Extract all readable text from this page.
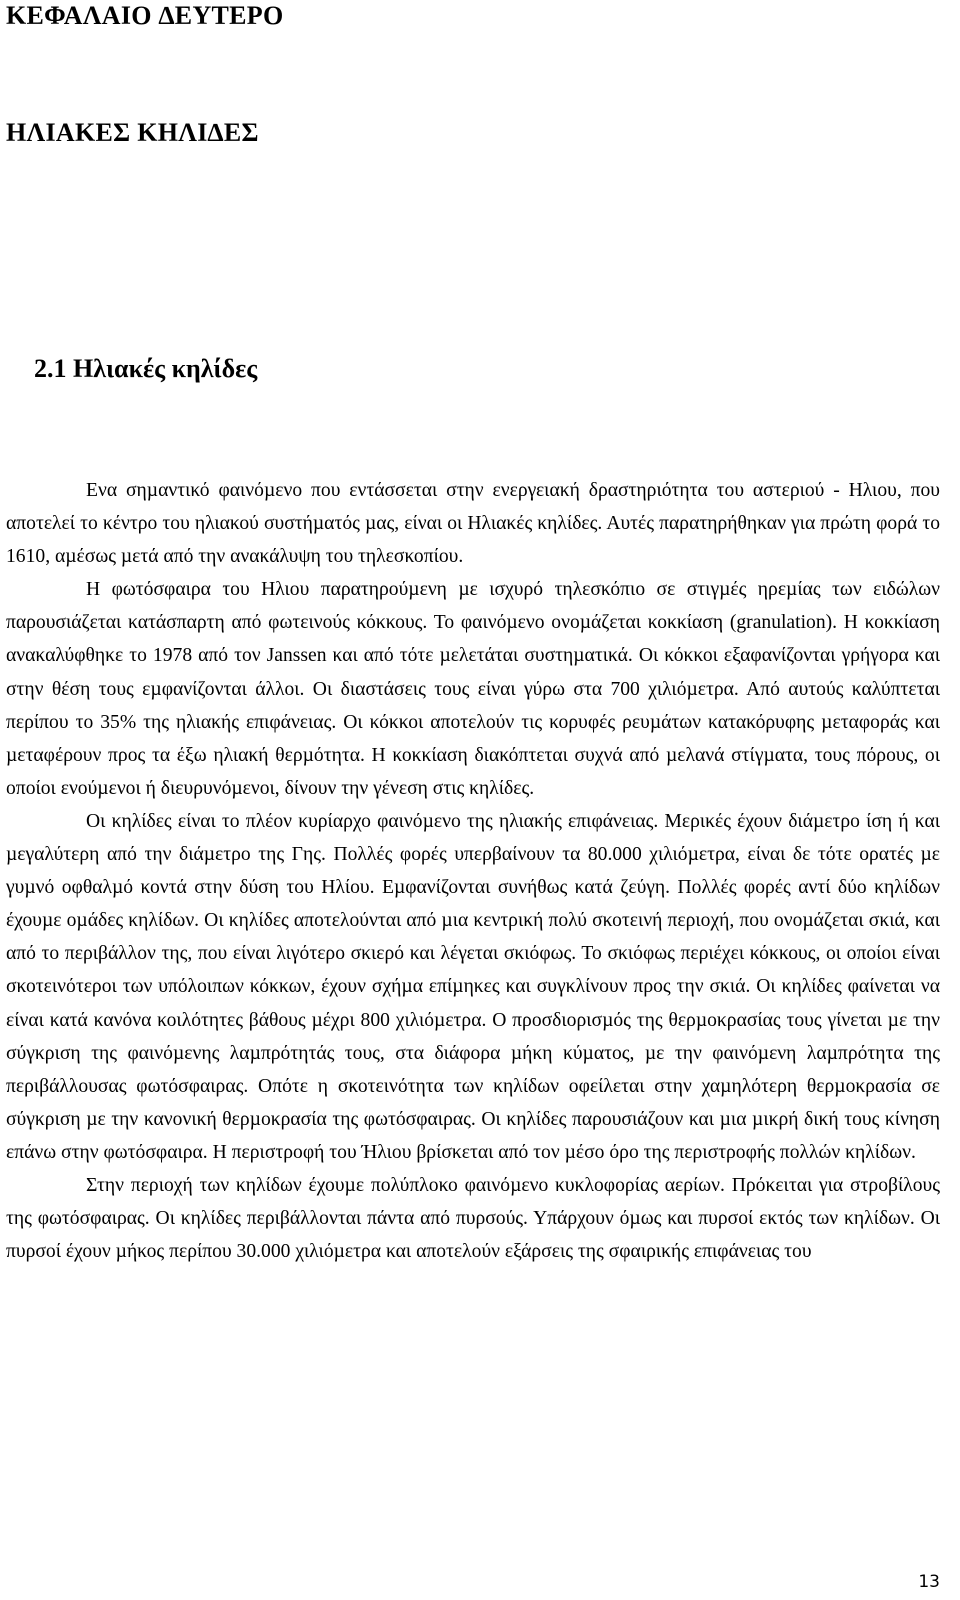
ΚΕΦΑΛΑΙΟ ∆ΕΥΤΕΡΟ
ΗΛΙΑΚΕΣ ΚΗΛΙ∆ΕΣ
2.1 Ηλιακές κηλίδες

Ενα σηµαντικό φαινόµενο που εντάσσεται στην ενεργειακή δραστηριότητα του αστεριού - Ηλιου, που αποτελεί το κέντρο του ηλιακού συστήµατός µας, είναι οι Ηλιακές κηλίδες. Αυτές παρατηρήθηκαν για πρώτη φορά το 1610, αµέσως µετά από την ανακάλυψη του τηλεσκοπίου.

Η φωτόσφαιρα του Ηλιου παρατηρούµενη µε ισχυρό τηλεσκόπιο σε στιγµές ηρεµίας των ειδώλων παρουσιάζεται κατάσπαρτη από φωτεινούς κόκκους. Το φαινόµενο ονοµάζεται κοκκίαση (granulation). Η κοκκίαση ανακαλύφθηκε το 1978 από τον Janssen και από τότε µελετάται συστηµατικά. Οι κόκκοι εξαφανίζονται γρήγορα και στην θέση τους εµφανίζονται άλλοι. Οι διαστάσεις τους είναι γύρω στα 700 χιλιόµετρα. Από αυτούς καλύπτεται περίπου το 35% της ηλιακής επιφάνειας. Οι κόκκοι αποτελούν τις κορυφές ρευµάτων κατακόρυφης µεταφοράς και µεταφέρουν προς τα έξω ηλιακή θερµότητα. Η κοκκίαση διακόπτεται συχνά από µελανά στίγµατα, τους πόρους, οι οποίοι ενούµενοι ή διευρυνόµενοι, δίνουν την γένεση στις κηλίδες.

Οι κηλίδες είναι το πλέον κυρίαρχο φαινόµενο της ηλιακής επιφάνειας. Μερικές έχουν διάµετρο ίση ή και µεγαλύτερη από την διάµετρο της Γης. Πολλές φορές υπερβαίνουν τα 80.000 χιλιόµετρα, είναι δε τότε ορατές µε γυµνό οφθαλµό κοντά στην δύση του Ηλίου. Εµφανίζονται συνήθως κατά ζεύγη. Πολλές φορές αντί δύο κηλίδων έχουµε οµάδες κηλίδων. Οι κηλίδες αποτελούνται από µια κεντρική πολύ σκοτεινή περιοχή, που ονοµάζεται σκιά, και από το περιβάλλον της, που είναι λιγότερο σκιερό και λέγεται σκιόφως. Το σκιόφως περιέχει κόκκους, οι οποίοι είναι σκοτεινότεροι των υπόλοιπων κόκκων, έχουν σχήµα επίµηκες και συγκλίνουν προς την σκιά. Οι κηλίδες φαίνεται να είναι κατά κανόνα κοιλότητες βάθους µέχρι 800 χιλιόµετρα. Ο προσδιορισµός της θερµοκρασίας τους γίνεται µε την σύγκριση της φαινόµενης λαµπρότητάς τους, στα διάφορα µήκη κύµατος, µε την φαινόµενη λαµπρότητα της περιβάλλουσας φωτόσφαιρας. Οπότε η σκοτεινότητα των κηλίδων οφείλεται στην χαµηλότερη θερµοκρασία σε σύγκριση µε την κανονική θερµοκρασία της φωτόσφαιρας. Οι κηλίδες παρουσιάζουν και µια µικρή δική τους κίνηση επάνω στην φωτόσφαιρα. Η περιστροφή του Ήλιου βρίσκεται από τον µέσο όρο της περιστροφής πολλών κηλίδων.

Στην περιοχή των κηλίδων έχουµε πολύπλοκο φαινόµενο κυκλοφορίας αερίων. Πρόκειται για στροβίλους της φωτόσφαιρας. Οι κηλίδες περιβάλλονται πάντα από πυρσούς. Υπάρχουν όµως και πυρσοί εκτός των κηλίδων. Οι πυρσοί έχουν µήκος περίπου 30.000 χιλιόµετρα και αποτελούν εξάρσεις της σφαιρικής επιφάνειας του

13
